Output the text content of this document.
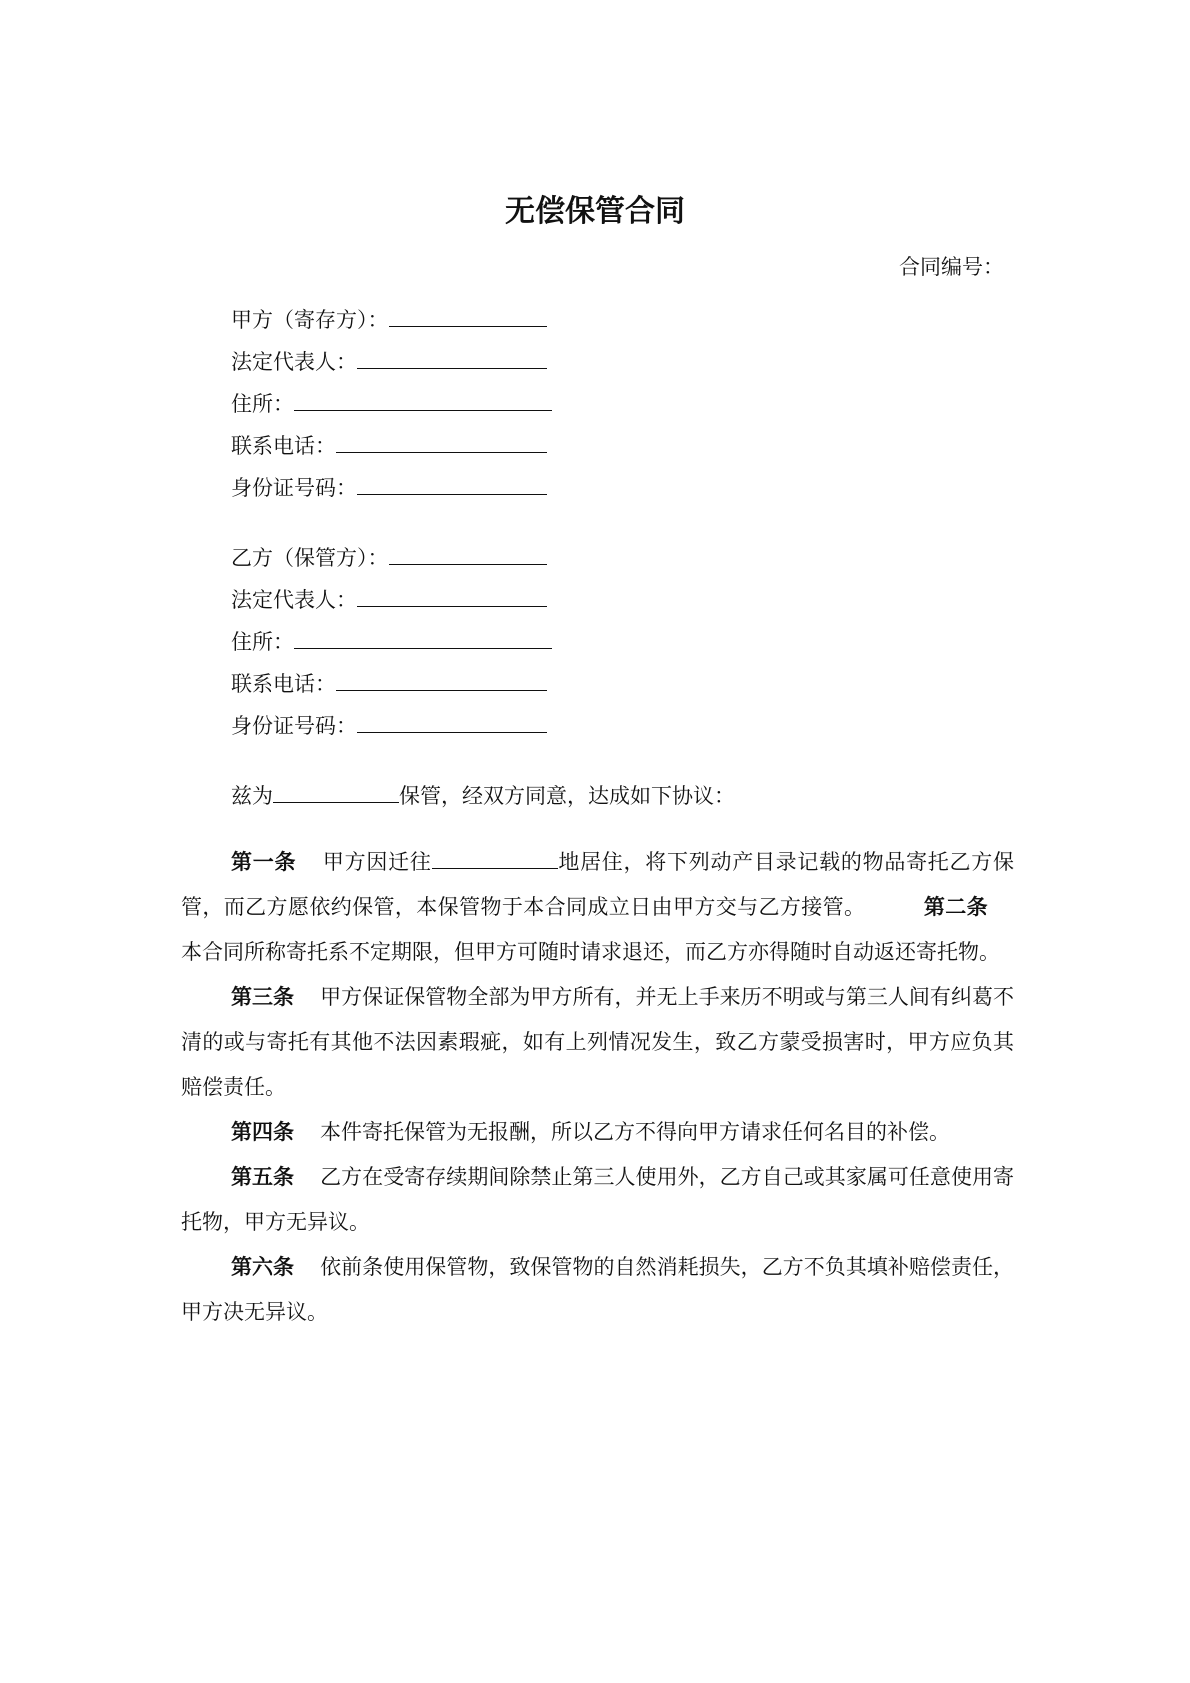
无偿保管合同
合同编号：
甲方（寄存方）：
法定代表人：
住所：
联系电话：
身份证号码：
乙方（保管方）：
法定代表人：
住所：
联系电话：
身份证号码：
兹为	保管，经双方同意，达成如下协议：

第一条 甲方因迁往	地居住，将下列动产目录记载的物品寄托乙方保管，而乙方愿依约保管，本保管物于本合同成立日由甲方交与乙方接管。	第二条本合同所称寄托系不定期限，但甲方可随时请求退还，而乙方亦得随时自动返还寄托物。

第三条 甲方保证保管物全部为甲方所有，并无上手来历不明或与第三人间有纠葛不清的或与寄托有其他不法因素瑕疵，如有上列情况发生，致乙方蒙受损害时，甲方应负其赔偿责任。

第四条 本件寄托保管为无报酬，所以乙方不得向甲方请求任何名目的补偿。

第五条 乙方在受寄存续期间除禁止第三人使用外，乙方自己或其家属可任意使用寄托物，甲方无异议。

第六条 依前条使用保管物，致保管物的自然消耗损失，乙方不负其填补赔偿责任，甲方决无异议。
